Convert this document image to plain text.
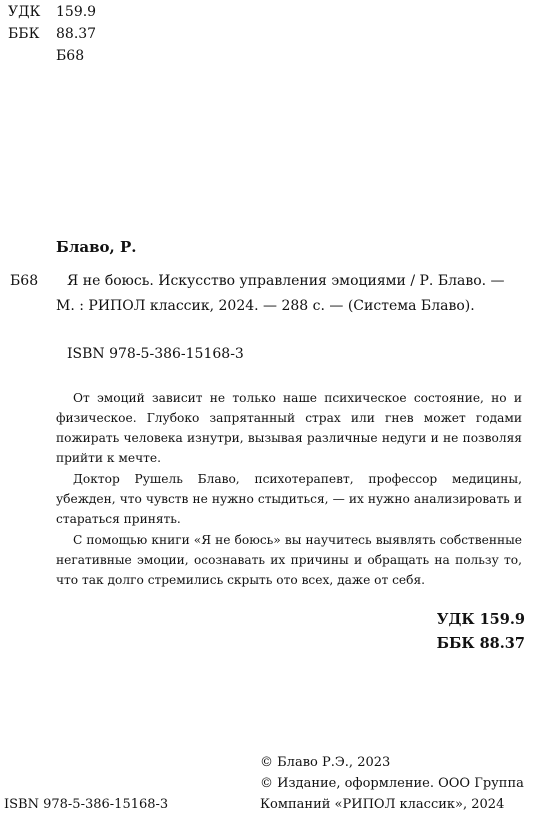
УДК 159.9
ББК 88.37
Б68
Блаво, Р.
Б68 Я не боюсь. Искусство управления эмоциями / Р. Блаво. —
М. : РИПОЛ классик, 2024. — 288 с. — (Система Блаво).
ISBN 978-5-386-15168-3

От эмоций зависит не только наше психическое состояние, но и физическое. Глубоко запрятанный страх или гнев может годами пожирать человека изнутри, вызывая различные недуги и не позволяя прийти к мечте.

Доктор Рушель Блаво, психотерапевт, профессор медицины, убежден, что чувств не нужно стыдиться, — их нужно анализировать и стараться принять.

С помощью книги «Я не боюсь» вы научитесь выявлять собственные негативные эмоции, осознавать их причины и обращать на пользу то, что так долго стремились скрыть ото всех, даже от себя.

УДК 159.9
ББК 88.37
© Блаво Р.Э., 2023
© Издание, оформление. ООО Группа
Компаний «РИПОЛ классик», 2024
ISBN 978-5-386-15168-3
